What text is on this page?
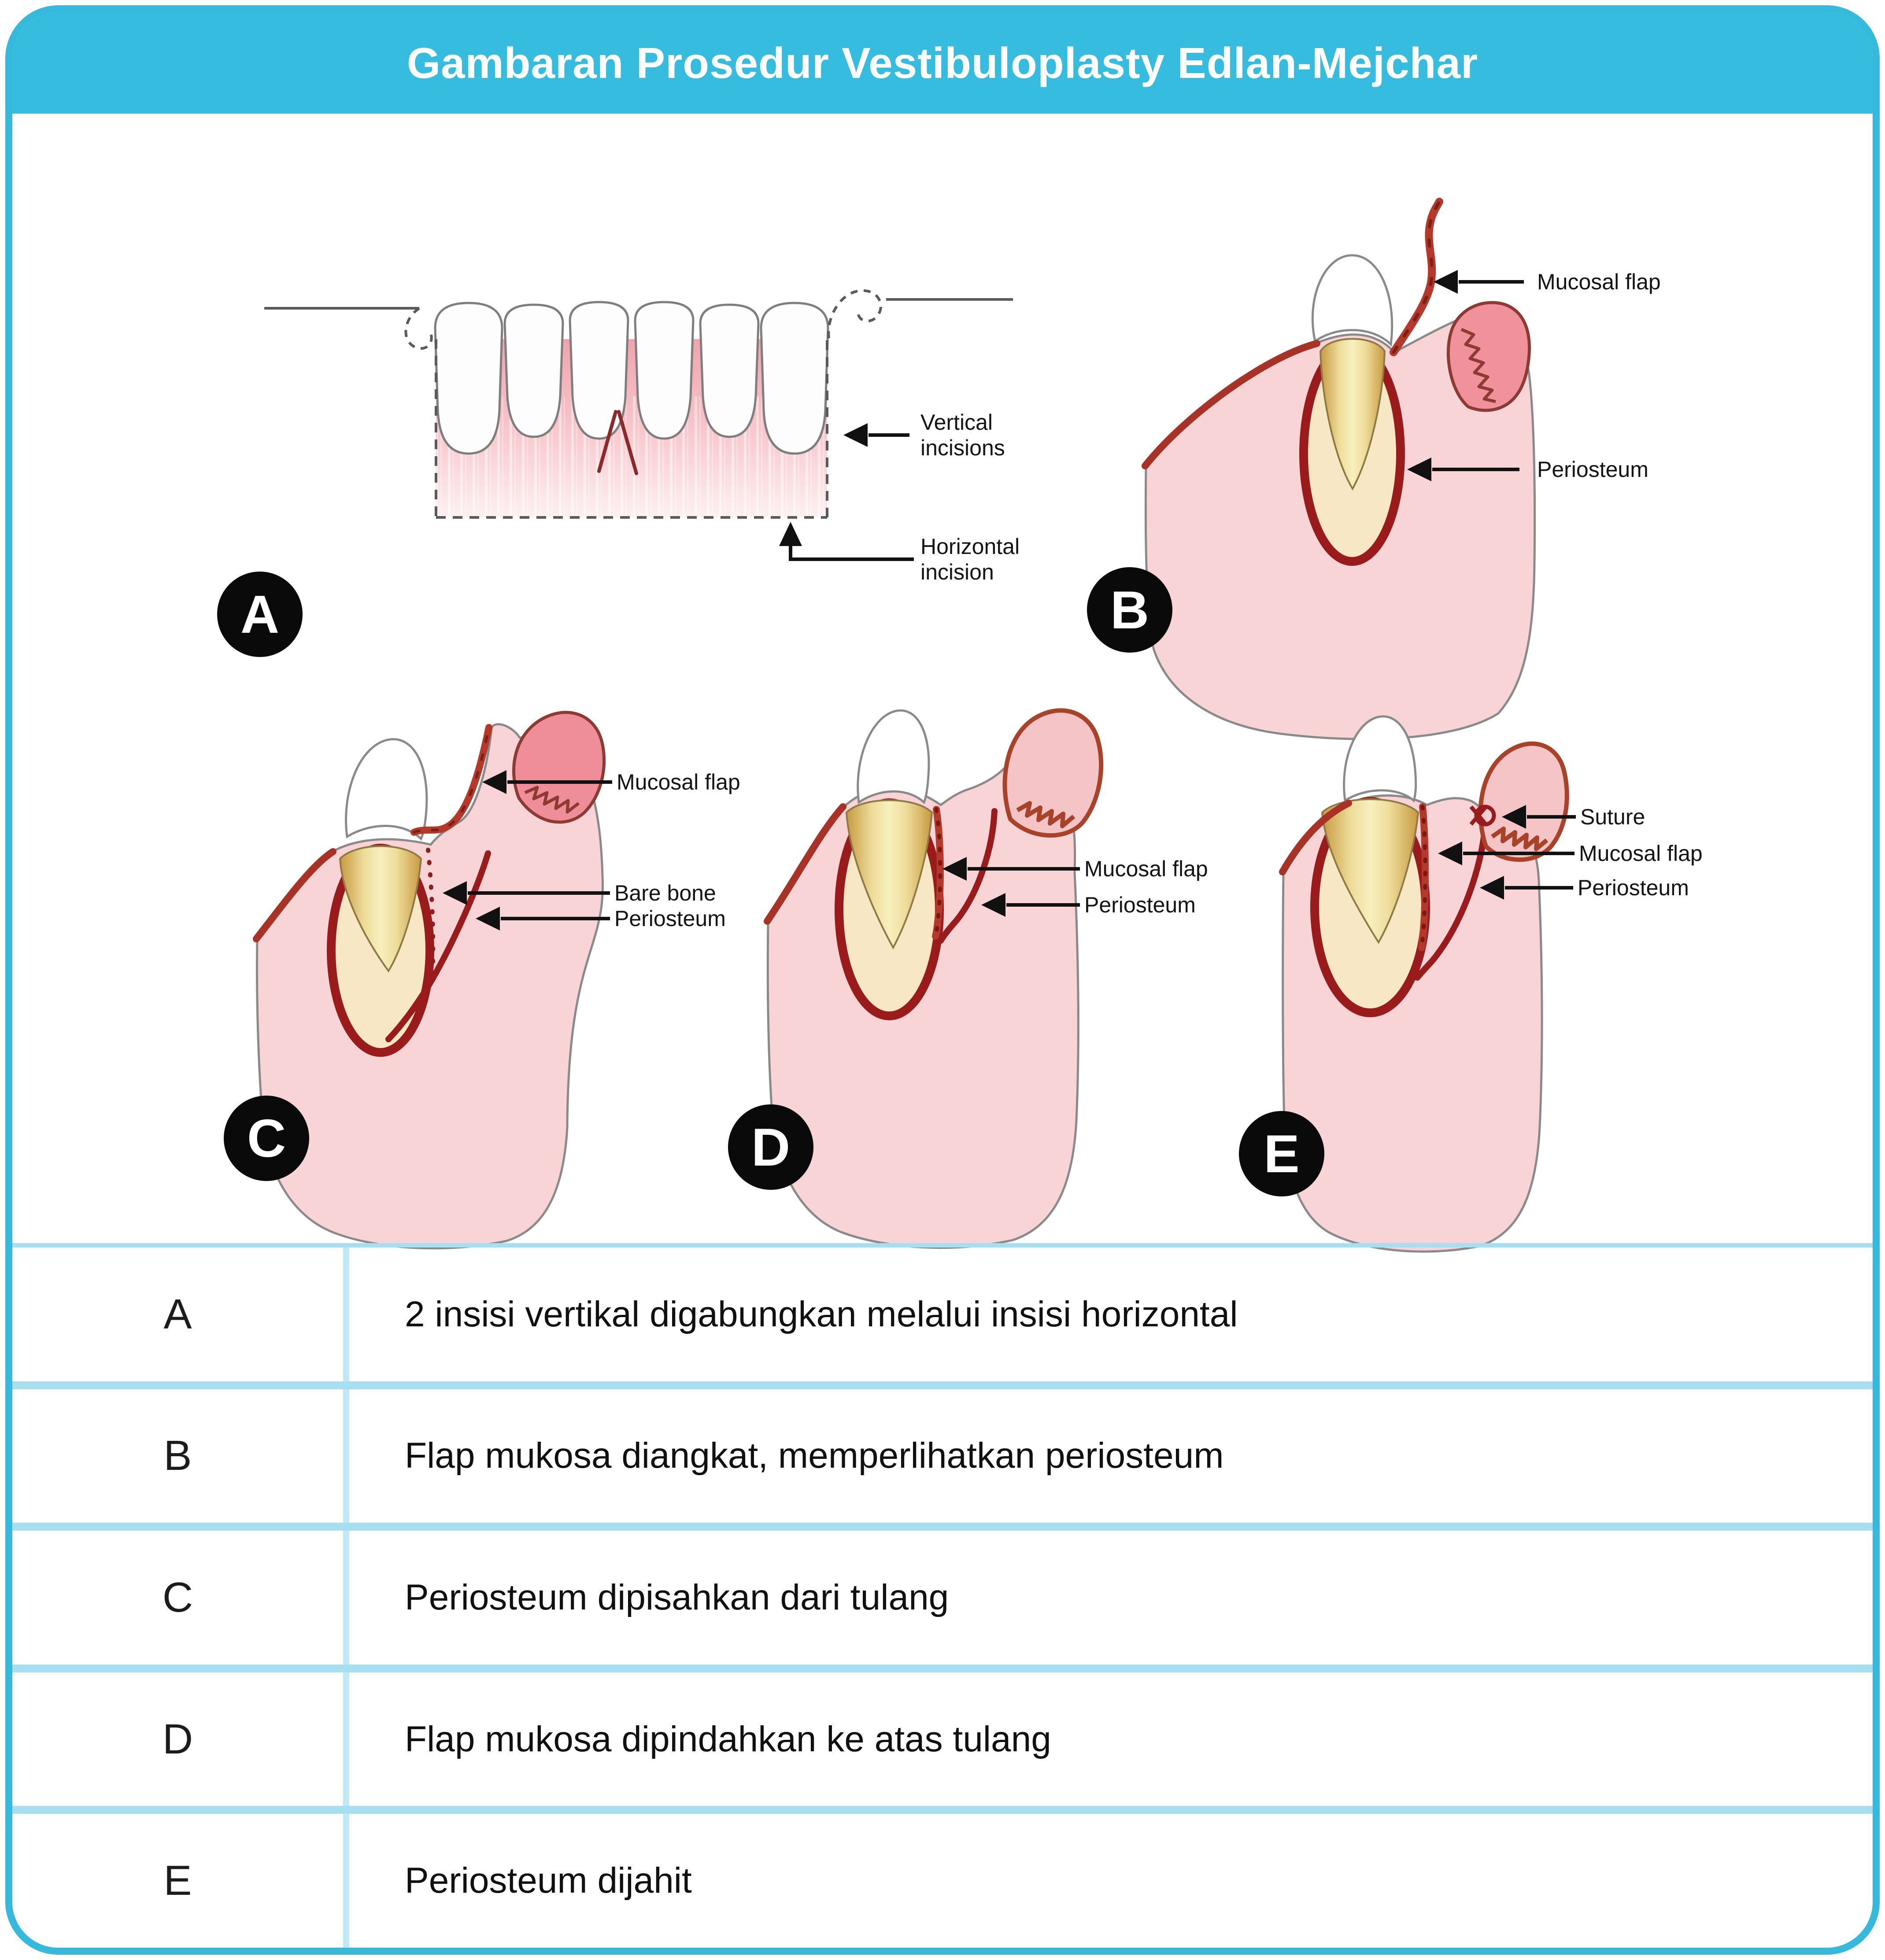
Gambaran Prosedur Vestibuloplasty Edlan-Mejchar
Vertical incisions
Horizontal incision
A
Mucosal flap
Periosteum
B
Mucosal flap
Bare bone
Periosteum
C
Mucosal flap
Periosteum
D
Suture
Mucosal flap
Periosteum
E
A	2 insisi vertikal digabungkan melalui insisi horizontal
B	Flap mukosa diangkat, memperlihatkan periosteum
C	Periosteum dipisahkan dari tulang
D	Flap mukosa dipindahkan ke atas tulang
E	Periosteum dijahit
